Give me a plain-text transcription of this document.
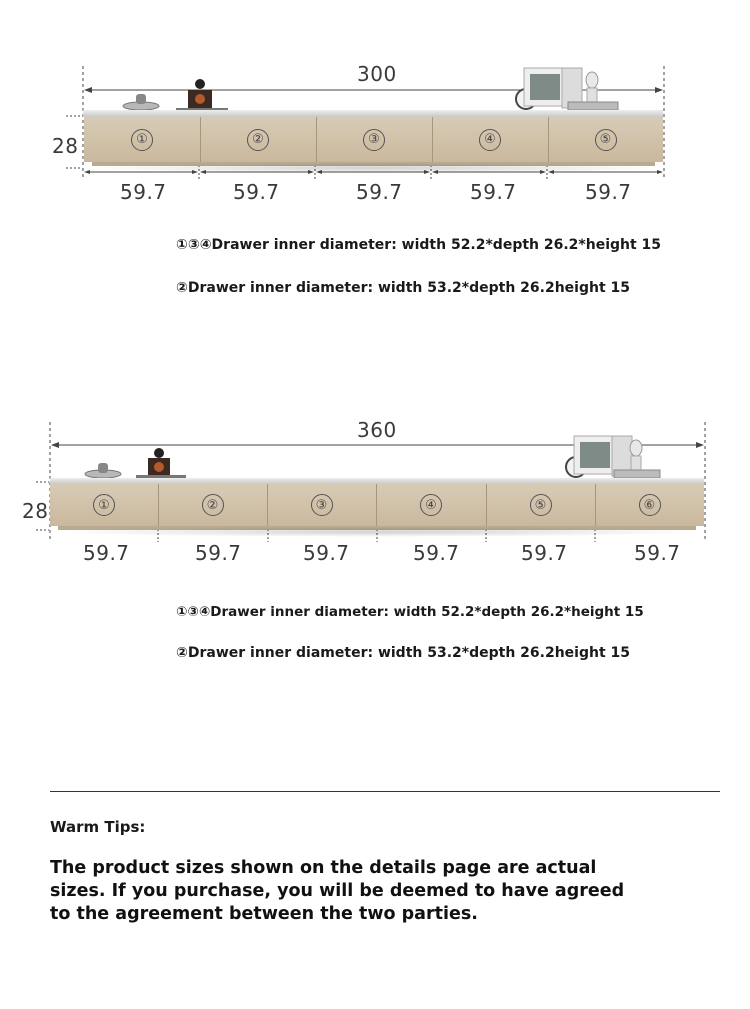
300
28	①	②	③	④	⑤
59.7	59.7	59.7	59.7	59.7
①③④Drawer inner diameter: width 52.2*depth 26.2*height 15
②Drawer inner diameter: width 53.2*depth 26.2height 15
360
28	①	②	③	④	⑤	⑥
59.7	59.7	59.7	59.7	59.7	59.7
①③④Drawer inner diameter: width 52.2*depth 26.2*height 15
②Drawer inner diameter: width 53.2*depth 26.2height 15
Warm Tips:
The product sizes shown on the details page are actual sizes. If you purchase, you will be deemed to have agreed to the agreement between the two parties.
